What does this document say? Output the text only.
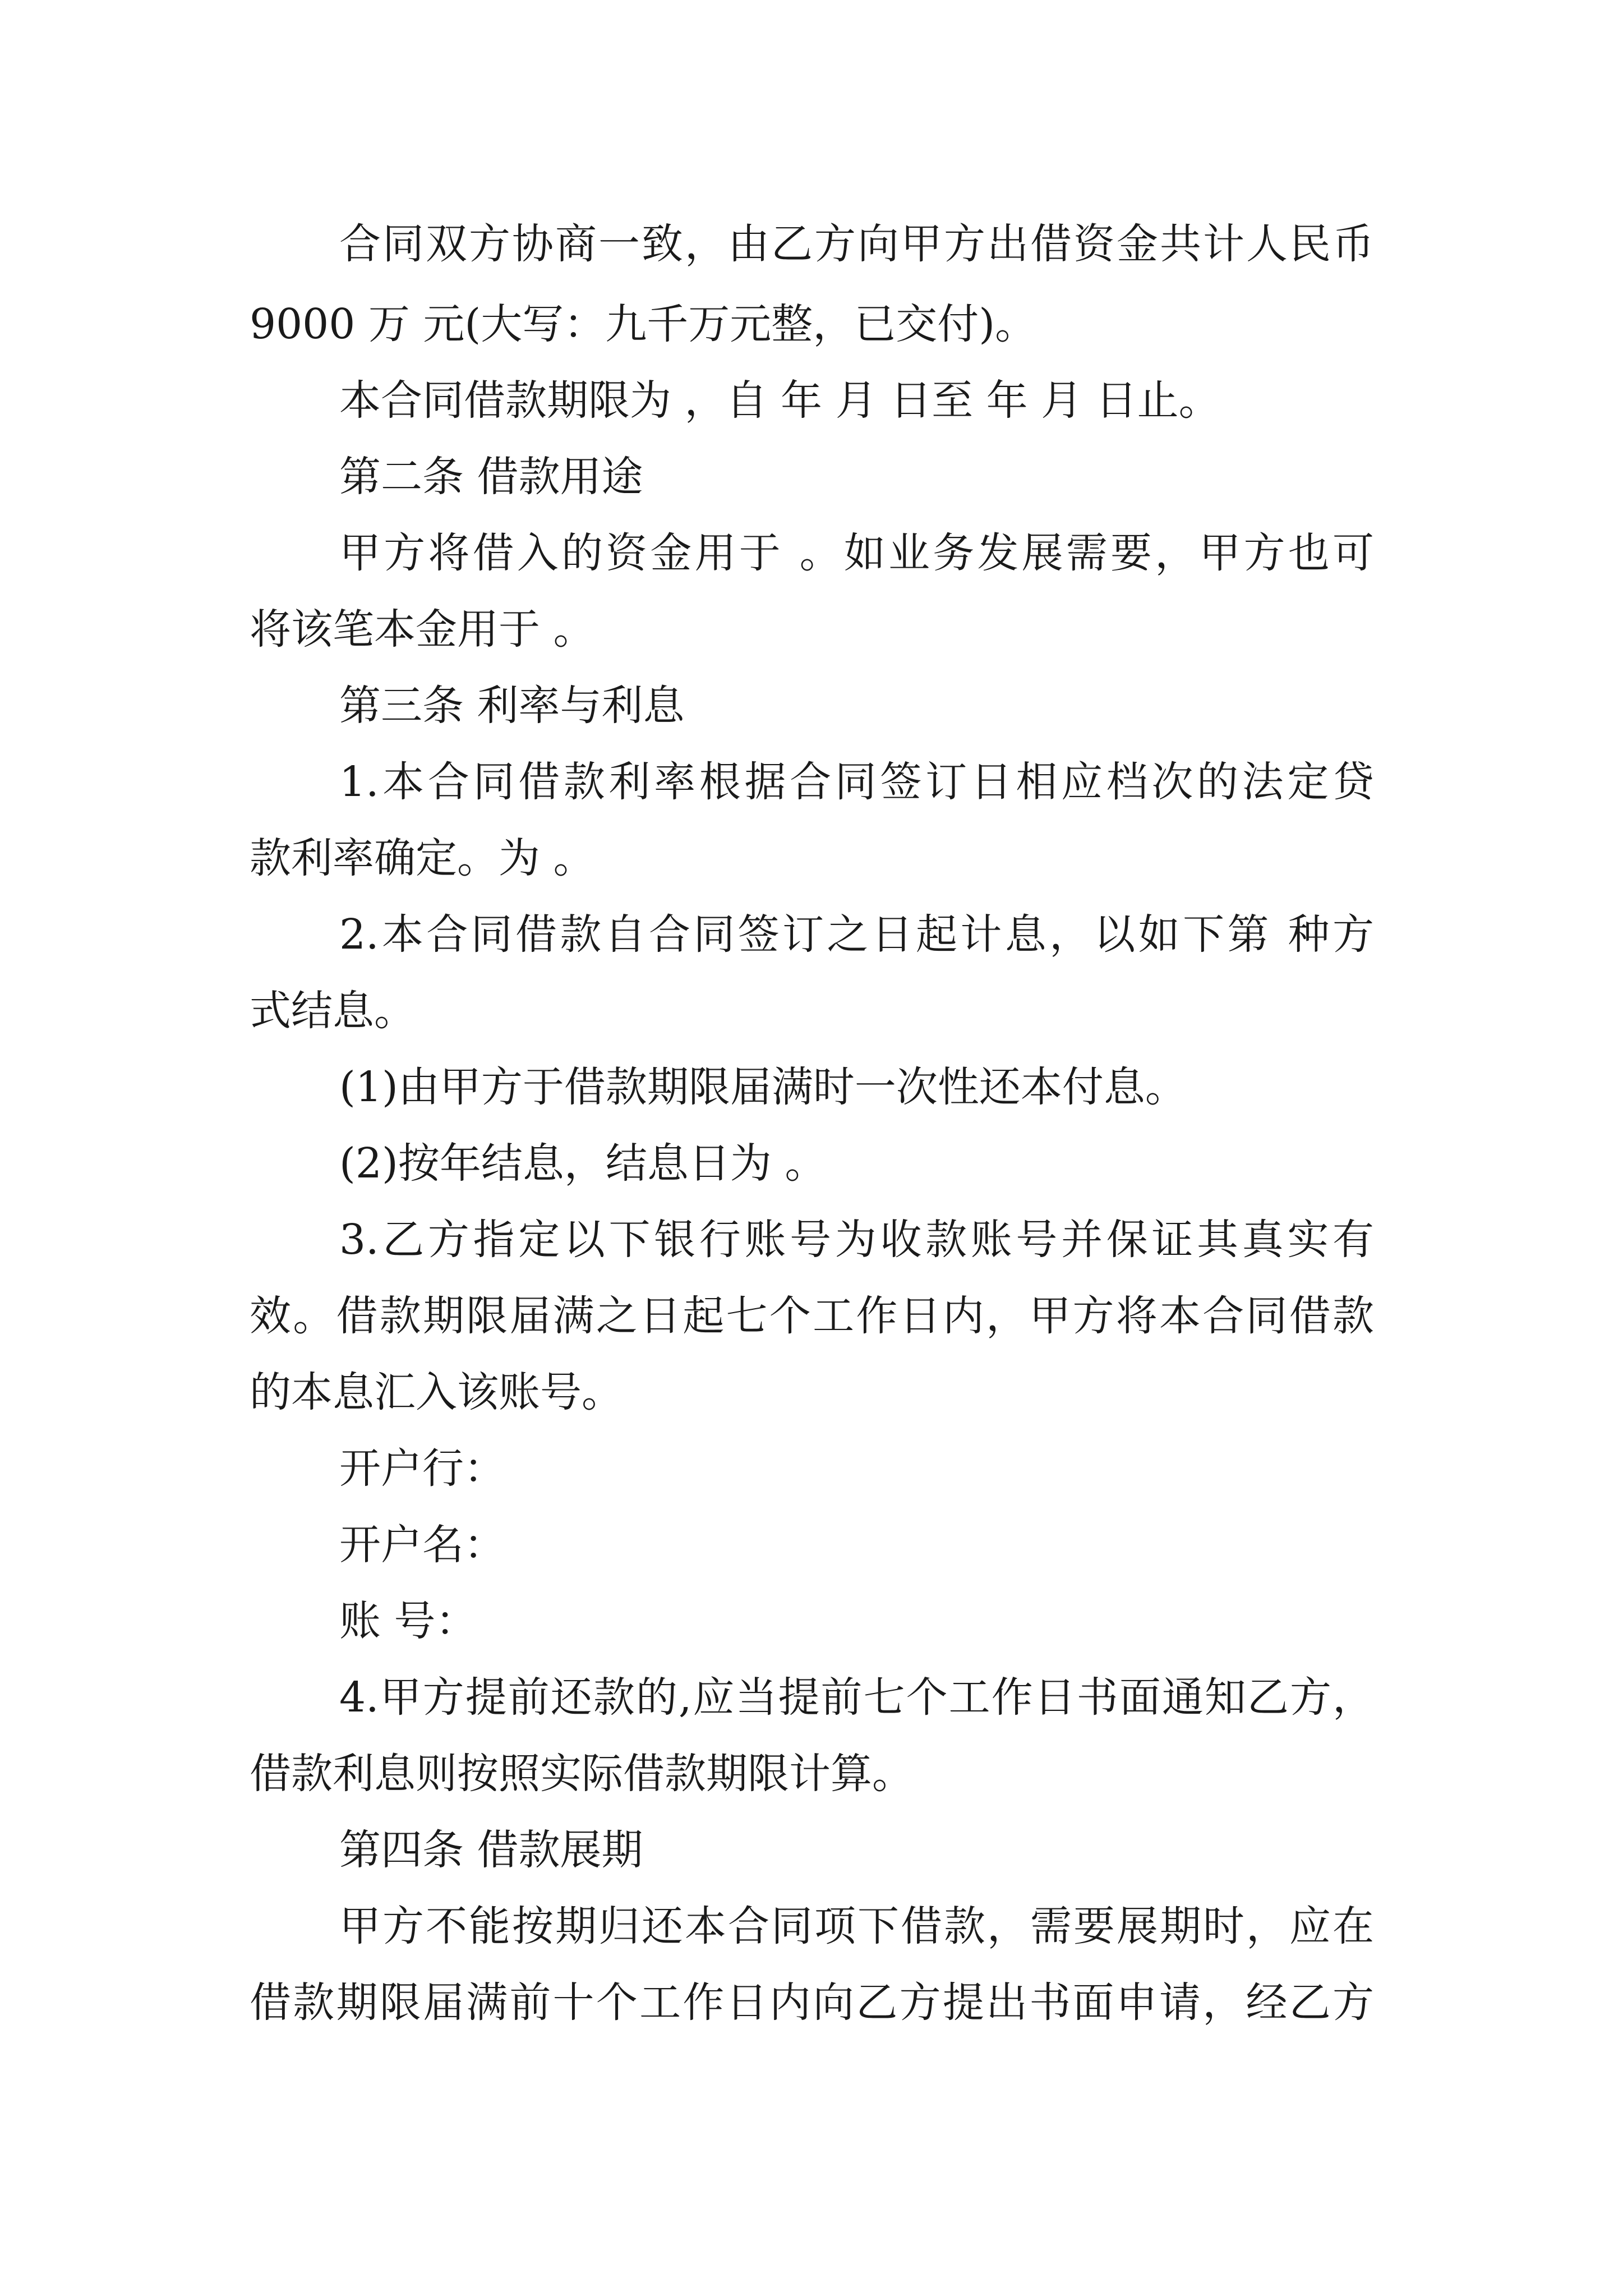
合同双方协商一致，由乙方向甲方出借资金共计人民币
9000 万 元(大写：九千万元整，已交付)。
本合同借款期限为 ，自 年 月 日至 年 月 日止。
第二条 借款用途
甲方将借入的资金用于 。如业务发展需要，甲方也可
将该笔本金用于 。
第三条 利率与利息
1.本合同借款利率根据合同签订日相应档次的法定贷
款利率确定。为 。
2.本合同借款自合同签订之日起计息，以如下第 种方
式结息。
(1)由甲方于借款期限届满时一次性还本付息。
(2)按年结息，结息日为 。
3.乙方指定以下银行账号为收款账号并保证其真实有
效。借款期限届满之日起七个工作日内，甲方将本合同借款
的本息汇入该账号。
开户行：
开户名：
账 号：
4.甲方提前还款的,应当提前七个工作日书面通知乙方，
借款利息则按照实际借款期限计算。
第四条 借款展期
甲方不能按期归还本合同项下借款，需要展期时，应在
借款期限届满前十个工作日内向乙方提出书面申请，经乙方
